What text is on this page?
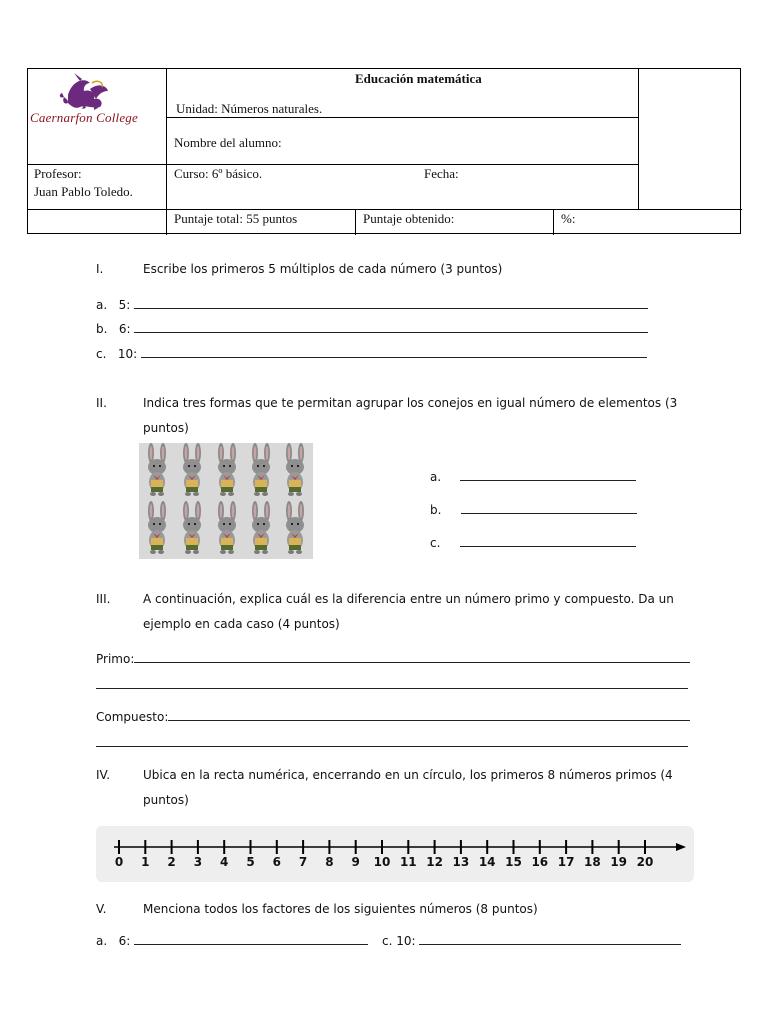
Caernarfon College
Educación matemática
Unidad: Números naturales.
Nombre del alumno:
Profesor:
Juan Pablo Toledo.
Curso: 6º básico.	Fecha:
Puntaje total: 55 puntos	Puntaje obtenido:	%:
I.	Escribe los primeros 5 múltiplos de cada número (3 puntos)
a. 5:
b. 6:
c. 10:
II.	Indica tres formas que te permitan agrupar los conejos en igual número de elementos (3
puntos)
a.
b.
c.
III.	A continuación, explica cuál es la diferencia entre un número primo y compuesto. Da un
ejemplo en cada caso (4 puntos)
Primo:
Compuesto:
IV.	Ubica en la recta numérica, encerrando en un círculo, los primeros 8 números primos (4
puntos)
0 1 2 3 4 5 6 7 8 9 10 11 12 13 14 15 16 17 18 19 20
V.	Menciona todos los factores de los siguientes números (8 puntos)
a. 6:	c. 10:
